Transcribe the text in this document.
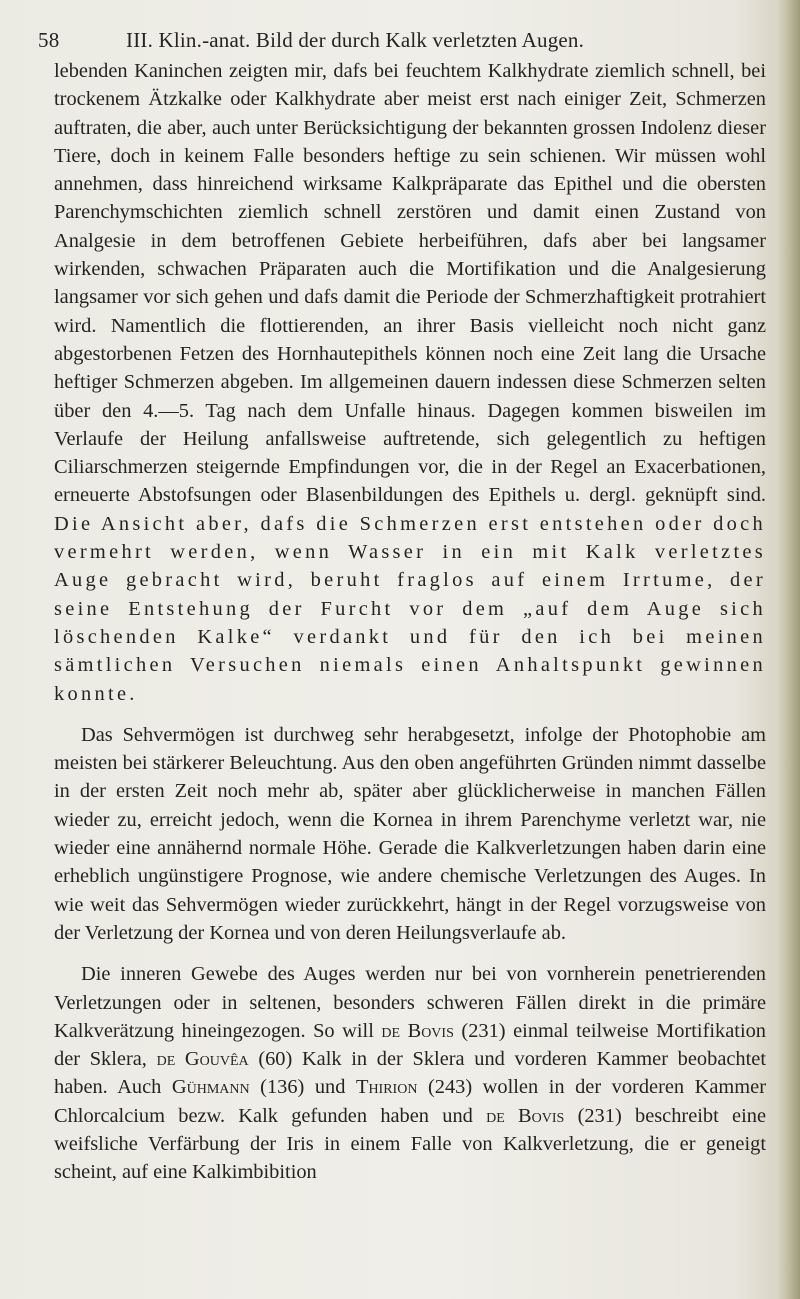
58	III. Klin.-anat. Bild der durch Kalk verletzten Augen.

lebenden Kaninchen zeigten mir, dafs bei feuchtem Kalkhydrate ziemlich schnell, bei trockenem Ätzkalke oder Kalkhydrate aber meist erst nach einiger Zeit, Schmerzen auftraten, die aber, auch unter Berücksichtigung der bekannten grossen Indolenz dieser Tiere, doch in keinem Falle besonders heftige zu sein schienen. Wir müssen wohl annehmen, dass hinreichend wirksame Kalkpräparate das Epithel und die obersten Parenchymschichten ziemlich schnell zerstören und damit einen Zustand von Analgesie in dem betroffenen Gebiete herbeiführen, dafs aber bei langsamer wirkenden, schwachen Präparaten auch die Mortifikation und die Analgesierung langsamer vor sich gehen und dafs damit die Periode der Schmerzhaftigkeit protrahiert wird. Namentlich die flottierenden, an ihrer Basis vielleicht noch nicht ganz abgestorbenen Fetzen des Hornhautepithels können noch eine Zeit lang die Ursache heftiger Schmerzen abgeben. Im allgemeinen dauern indessen diese Schmerzen selten über den 4.—5. Tag nach dem Unfalle hinaus. Dagegen kommen bisweilen im Verlaufe der Heilung anfallsweise auftretende, sich gelegentlich zu heftigen Ciliarschmerzen steigernde Empfindungen vor, die in der Regel an Exacerbationen, erneuerte Abstofsungen oder Blasenbildungen des Epithels u. dergl. geknüpft sind. Die Ansicht aber, dafs die Schmerzen erst entstehen oder doch vermehrt werden, wenn Wasser in ein mit Kalk verletztes Auge gebracht wird, beruht fraglos auf einem Irrtume, der seine Entstehung der Furcht vor dem „auf dem Auge sich löschenden Kalke“ verdankt und für den ich bei meinen sämtlichen Versuchen niemals einen Anhaltspunkt gewinnen konnte.

Das Sehvermögen ist durchweg sehr herabgesetzt, infolge der Photophobie am meisten bei stärkerer Beleuchtung. Aus den oben angeführten Gründen nimmt dasselbe in der ersten Zeit noch mehr ab, später aber glücklicherweise in manchen Fällen wieder zu, erreicht jedoch, wenn die Kornea in ihrem Parenchyme verletzt war, nie wieder eine annähernd normale Höhe. Gerade die Kalkverletzungen haben darin eine erheblich ungünstigere Prognose, wie andere chemische Verletzungen des Auges. In wie weit das Sehvermögen wieder zurückkehrt, hängt in der Regel vorzugsweise von der Verletzung der Kornea und von deren Heilungsverlaufe ab.

Die inneren Gewebe des Auges werden nur bei von vornherein penetrierenden Verletzungen oder in seltenen, besonders schweren Fällen direkt in die primäre Kalkverätzung hineingezogen. So will de Bovis (231) einmal teilweise Mortifikation der Sklera, de Gouvêa (60) Kalk in der Sklera und vorderen Kammer beobachtet haben. Auch Gühmann (136) und Thirion (243) wollen in der vorderen Kammer Chlorcalcium bezw. Kalk gefunden haben und de Bovis (231) beschreibt eine weifsliche Verfärbung der Iris in einem Falle von Kalkverletzung, die er geneigt scheint, auf eine Kalkimbibition
